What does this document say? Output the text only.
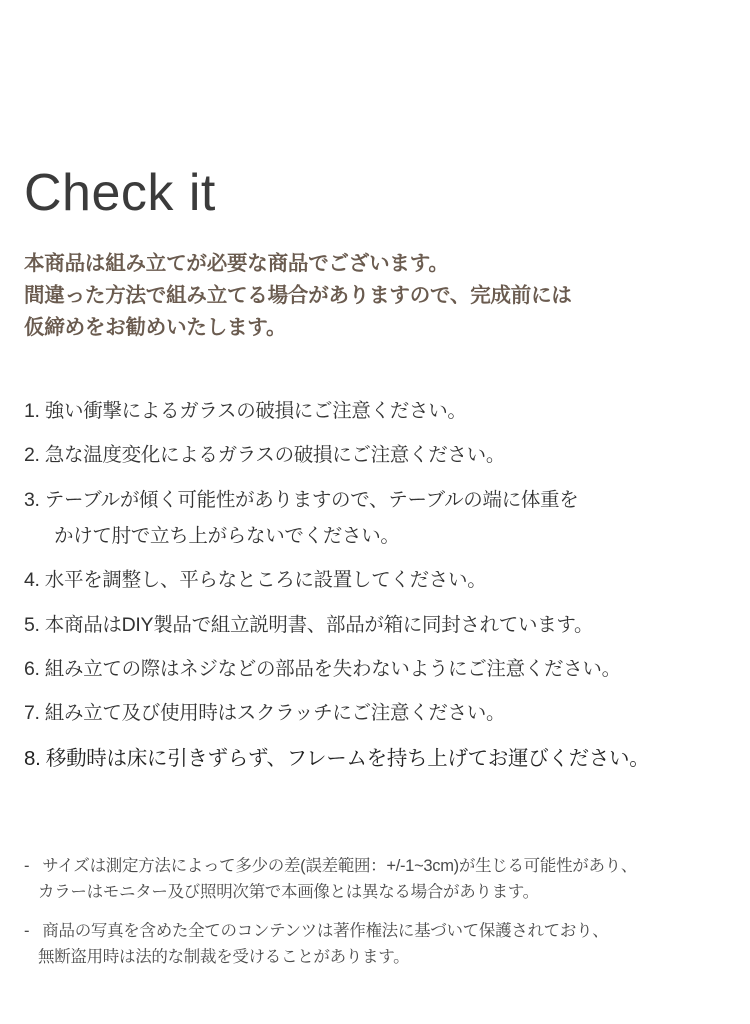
Check it
本商品は組み立てが必要な商品でございます。
間違った方法で組み立てる場合がありますので、完成前には
仮締めをお勧めいたします。
1. 強い衝撃によるガラスの破損にご注意ください。
2. 急な温度変化によるガラスの破損にご注意ください。
3. テーブルが傾く可能性がありますので、テーブルの端に体重を
かけて肘で立ち上がらないでください。
4. 水平を調整し、平らなところに設置してください。
5. 本商品はDIY製品で組立説明書、部品が箱に同封されています。
6. 組み立ての際はネジなどの部品を失わないようにご注意ください。
7. 組み立て及び使用時はスクラッチにご注意ください。
8. 移動時は床に引きずらず、フレームを持ち上げてお運びください。
- サイズは測定方法によって多少の差(誤差範囲：+/-1~3cm)が生じる可能性があり、
カラーはモニター及び照明次第で本画像とは異なる場合があります。
- 商品の写真を含めた全てのコンテンツは著作権法に基づいて保護されており、
無断盗用時は法的な制裁を受けることがあります。
